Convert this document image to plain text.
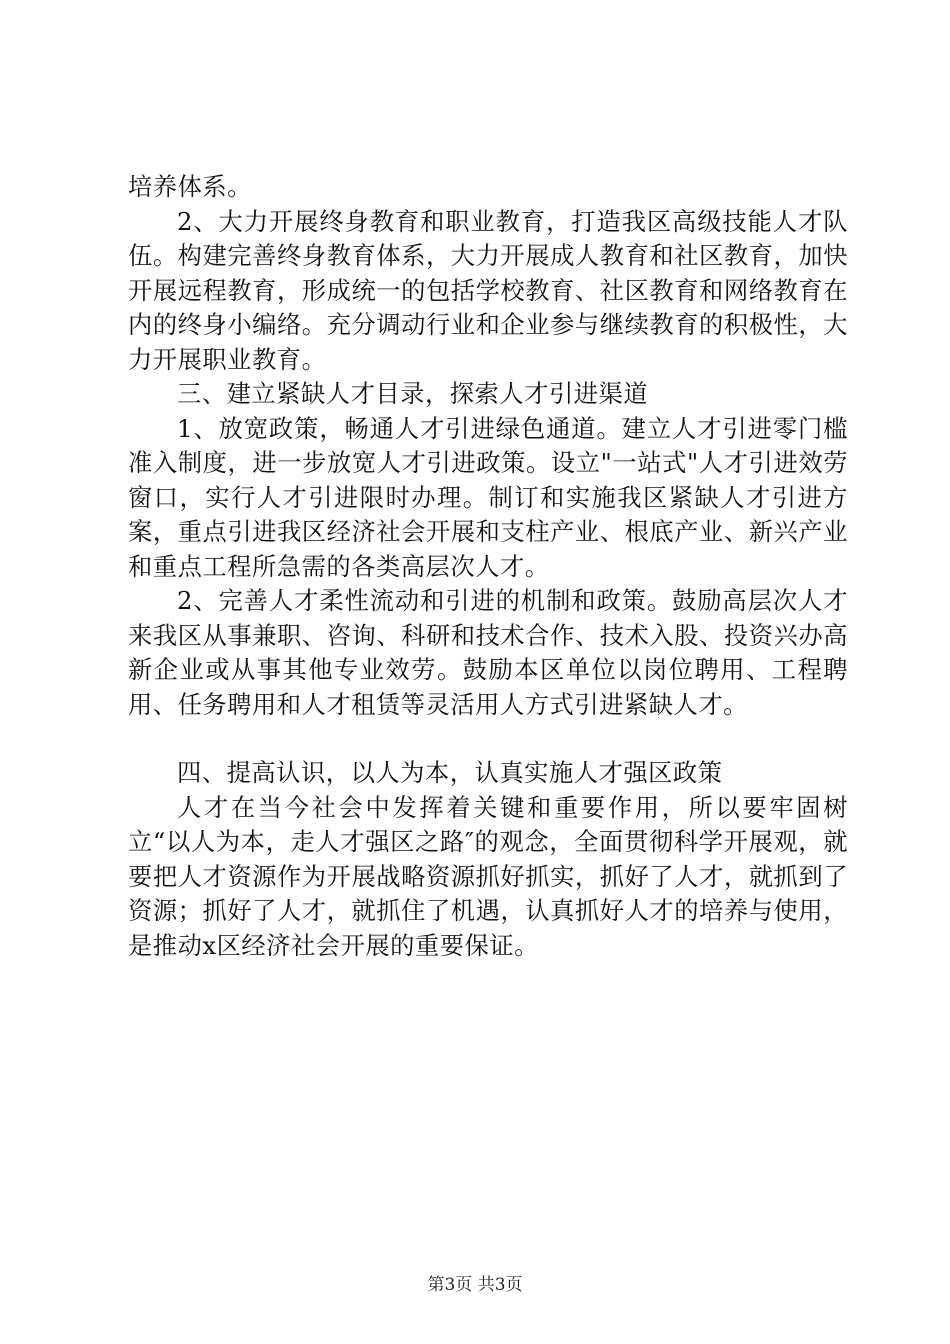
培养体系。

2、大力开展终身教育和职业教育，打造我区高级技能人才队伍。构建完善终身教育体系，大力开展成人教育和社区教育，加快开展远程教育，形成统一的包括学校教育、社区教育和网络教育在内的终身小编络。充分调动行业和企业参与继续教育的积极性，大力开展职业教育。

三、建立紧缺人才目录，探索人才引进渠道

1、放宽政策，畅通人才引进绿色通道。建立人才引进零门槛准入制度，进一步放宽人才引进政策。设立"一站式"人才引进效劳窗口，实行人才引进限时办理。制订和实施我区紧缺人才引进方案，重点引进我区经济社会开展和支柱产业、根底产业、新兴产业和重点工程所急需的各类高层次人才。

2、完善人才柔性流动和引进的机制和政策。鼓励高层次人才来我区从事兼职、咨询、科研和技术合作、技术入股、投资兴办高新企业或从事其他专业效劳。鼓励本区单位以岗位聘用、工程聘用、任务聘用和人才租赁等灵活用人方式引进紧缺人才。

四、提高认识，以人为本，认真实施人才强区政策

人才在当今社会中发挥着关键和重要作用，所以要牢固树立“以人为本，走人才强区之路″的观念，全面贯彻科学开展观，就要把人才资源作为开展战略资源抓好抓实，抓好了人才，就抓到了资源；抓好了人才，就抓住了机遇，认真抓好人才的培养与使用，是推动x区经济社会开展的重要保证。

第3页 共3页
